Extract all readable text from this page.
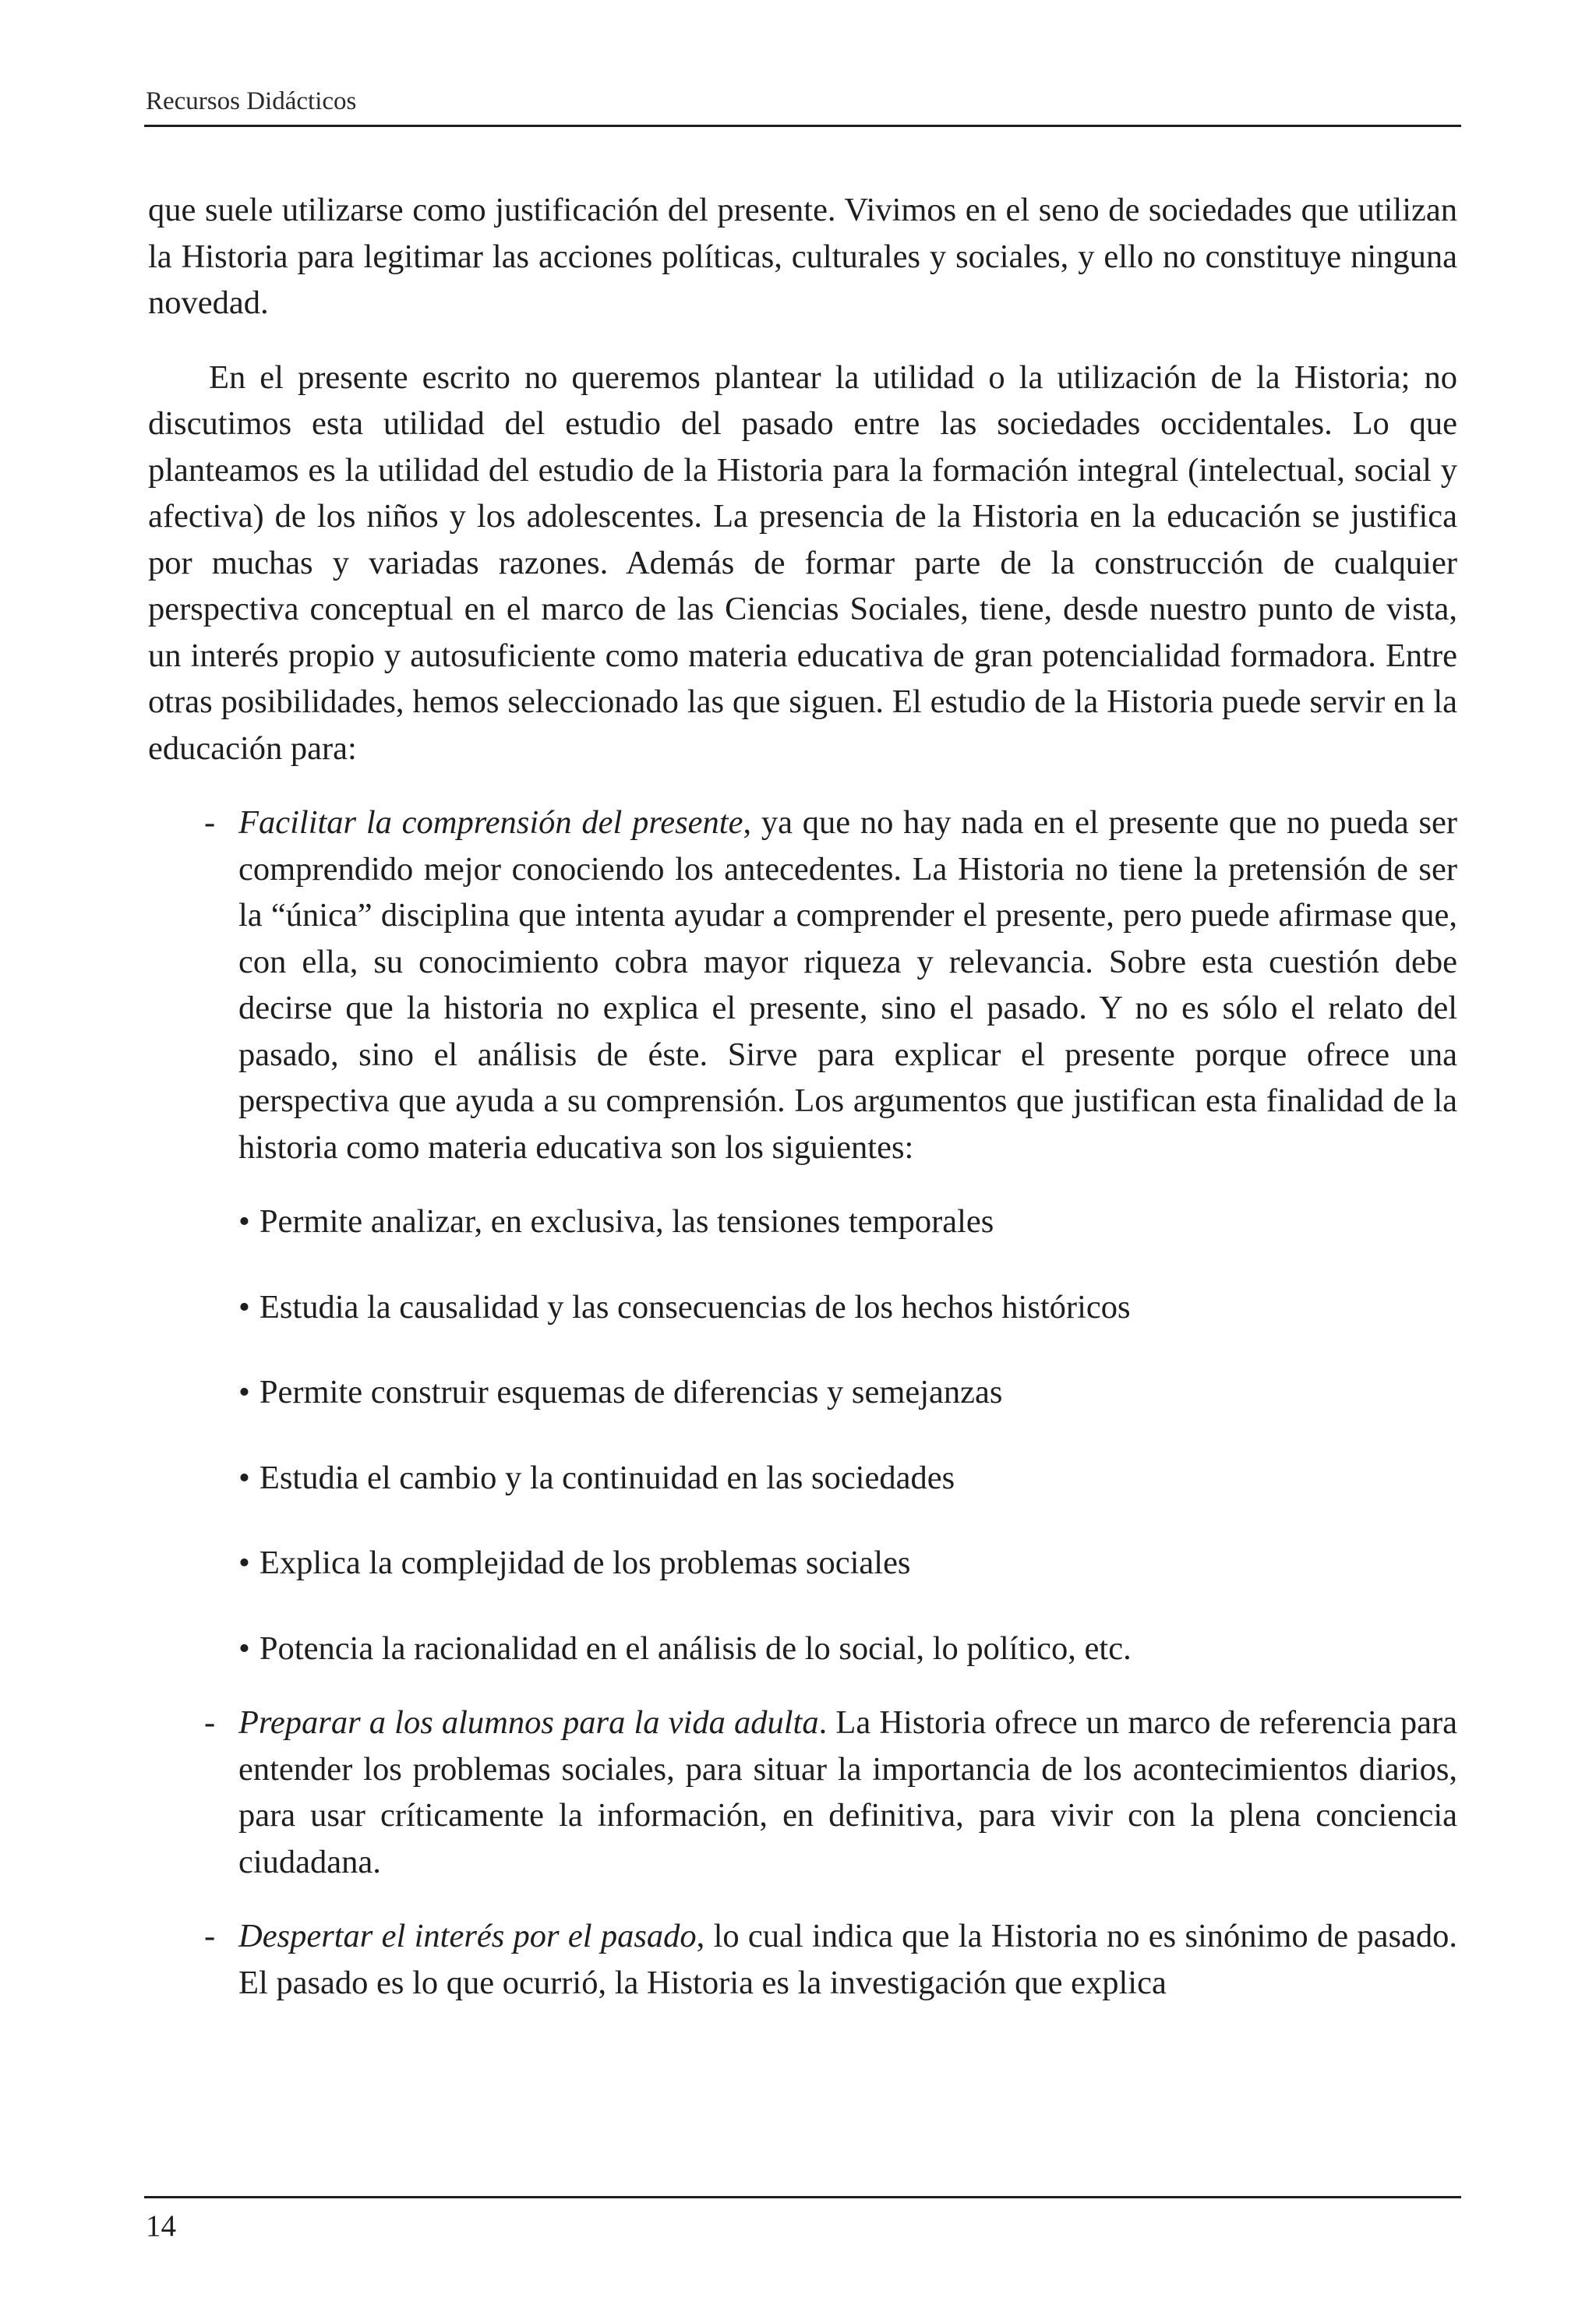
Recursos Didácticos

que suele utilizarse como justificación del presente. Vivimos en el seno de sociedades que utilizan la Historia para legitimar las acciones políticas, culturales y sociales, y ello no constituye ninguna novedad.

En el presente escrito no queremos plantear la utilidad o la utilización de la Historia; no discutimos esta utilidad del estudio del pasado entre las sociedades occidentales. Lo que planteamos es la utilidad del estudio de la Historia para la formación integral (intelectual, social y afectiva) de los niños y los adolescentes. La presencia de la Historia en la educación se justifica por muchas y variadas razones. Además de formar parte de la construcción de cualquier perspectiva conceptual en el marco de las Ciencias Sociales, tiene, desde nuestro punto de vista, un interés propio y autosuficiente como materia educativa de gran potencialidad formadora. Entre otras posibilidades, hemos seleccionado las que siguen. El estudio de la Historia puede servir en la educación para:

- Facilitar la comprensión del presente, ya que no hay nada en el presente que no pueda ser comprendido mejor conociendo los antecedentes. La Historia no tiene la pretensión de ser la “única” disciplina que intenta ayudar a comprender el presente, pero puede afirmase que, con ella, su conocimiento cobra mayor riqueza y relevancia. Sobre esta cuestión debe decirse que la historia no explica el presente, sino el pasado. Y no es sólo el relato del pasado, sino el análisis de éste. Sirve para explicar el presente porque ofrece una perspectiva que ayuda a su comprensión. Los argumentos que justifican esta finalidad de la historia como materia educativa son los siguientes:
• Permite analizar, en exclusiva, las tensiones temporales
• Estudia la causalidad y las consecuencias de los hechos históricos
• Permite construir esquemas de diferencias y semejanzas
• Estudia el cambio y la continuidad en las sociedades
• Explica la complejidad de los problemas sociales
• Potencia la racionalidad en el análisis de lo social, lo político, etc.
- Preparar a los alumnos para la vida adulta. La Historia ofrece un marco de referencia para entender los problemas sociales, para situar la importancia de los acontecimientos diarios, para usar críticamente la información, en definitiva, para vivir con la plena conciencia ciudadana.
- Despertar el interés por el pasado, lo cual indica que la Historia no es sinónimo de pasado. El pasado es lo que ocurrió, la Historia es la investigación que explica
14
